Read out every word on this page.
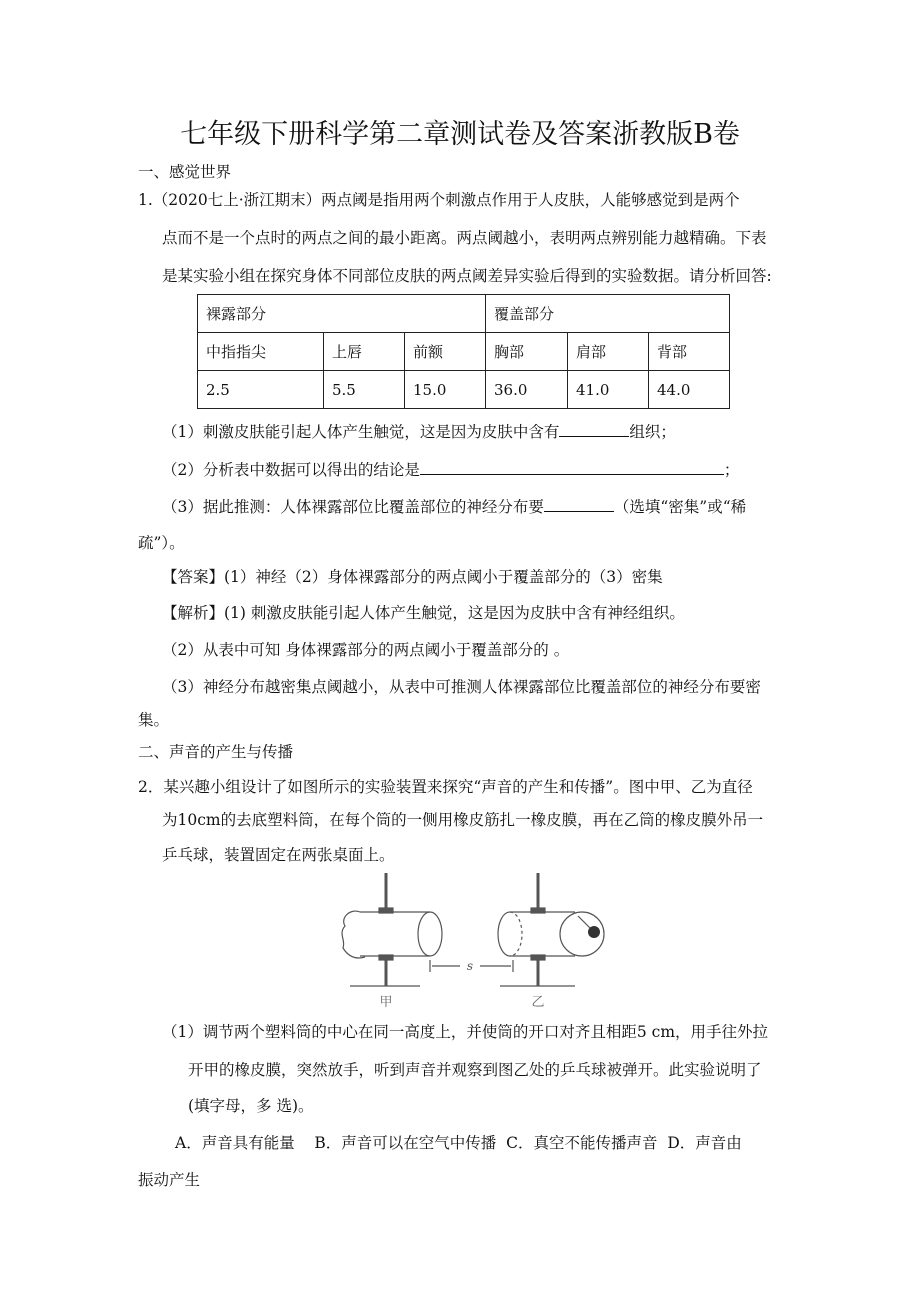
七年级下册科学第二章测试卷及答案浙教版B卷
一、感觉世界
1.（2020七上·浙江期末）两点阈是指用两个刺激点作用于人皮肤，人能够感觉到是两个
点而不是一个点时的两点之间的最小距离。两点阈越小，表明两点辨别能力越精确。下表
是某实验小组在探究身体不同部位皮肤的两点阈差异实验后得到的实验数据。请分析回答:
裸露部分			覆盖部分		
中指指尖	上唇	前额	胸部	肩部	背部
2.5	5.5	15.0	36.0	41.0	44.0
（1）刺激皮肤能引起人体产生触觉，这是因为皮肤中含有	组织；
（2）分析表中数据可以得出的结论是	；
（3）据此推测：人体裸露部位比覆盖部位的神经分布要	（选填“密集”或“稀
疏”）。
【答案】(1）神经（2）身体裸露部分的两点阈小于覆盖部分的（3）密集
【解析】(1) 刺激皮肤能引起人体产生触觉，这是因为皮肤中含有神经组织。
（2）从表中可知 身体裸露部分的两点阈小于覆盖部分的 。
（3）神经分布越密集点阈越小，从表中可推测人体裸露部位比覆盖部位的神经分布要密
集。
二、声音的产生与传播
2．某兴趣小组设计了如图所示的实验装置来探究“声音的产生和传播”。图中甲、乙为直径
为10cm的去底塑料筒，在每个筒的一侧用橡皮筋扎一橡皮膜，再在乙筒的橡皮膜外吊一
乒乓球，装置固定在两张桌面上。
s
甲	乙
（1）调节两个塑料筒的中心在同一高度上，并使筒的开口对齐且相距5 cm，用手往外拉
开甲的橡皮膜，突然放手，听到声音并观察到图乙处的乒乓球被弹开。此实验说明了
(填字母，多 选)。
A．声音具有能量    B．声音可以在空气中传播  C．真空不能传播声音  D．声音由
振动产生
